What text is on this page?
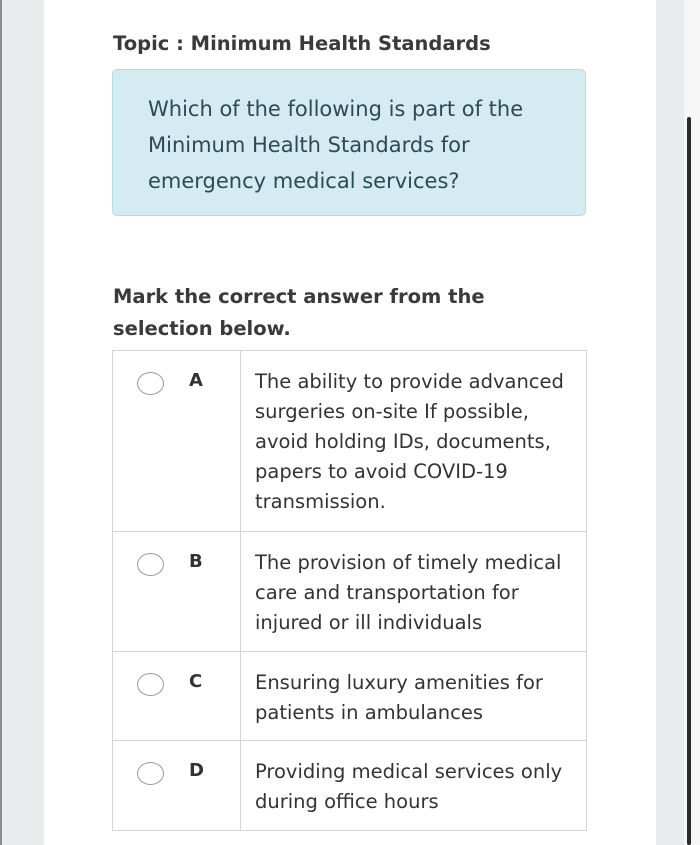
Topic : Minimum Health Standards
Which of the following is part of the Minimum Health Standards for emergency medical services?
Mark the correct answer from the selection below.
A	The ability to provide advanced surgeries on-site If possible, avoid holding IDs, documents, papers to avoid COVID-19 transmission.
B	The provision of timely medical care and transportation for injured or ill individuals
C	Ensuring luxury amenities for patients in ambulances
D	Providing medical services only during office hours
